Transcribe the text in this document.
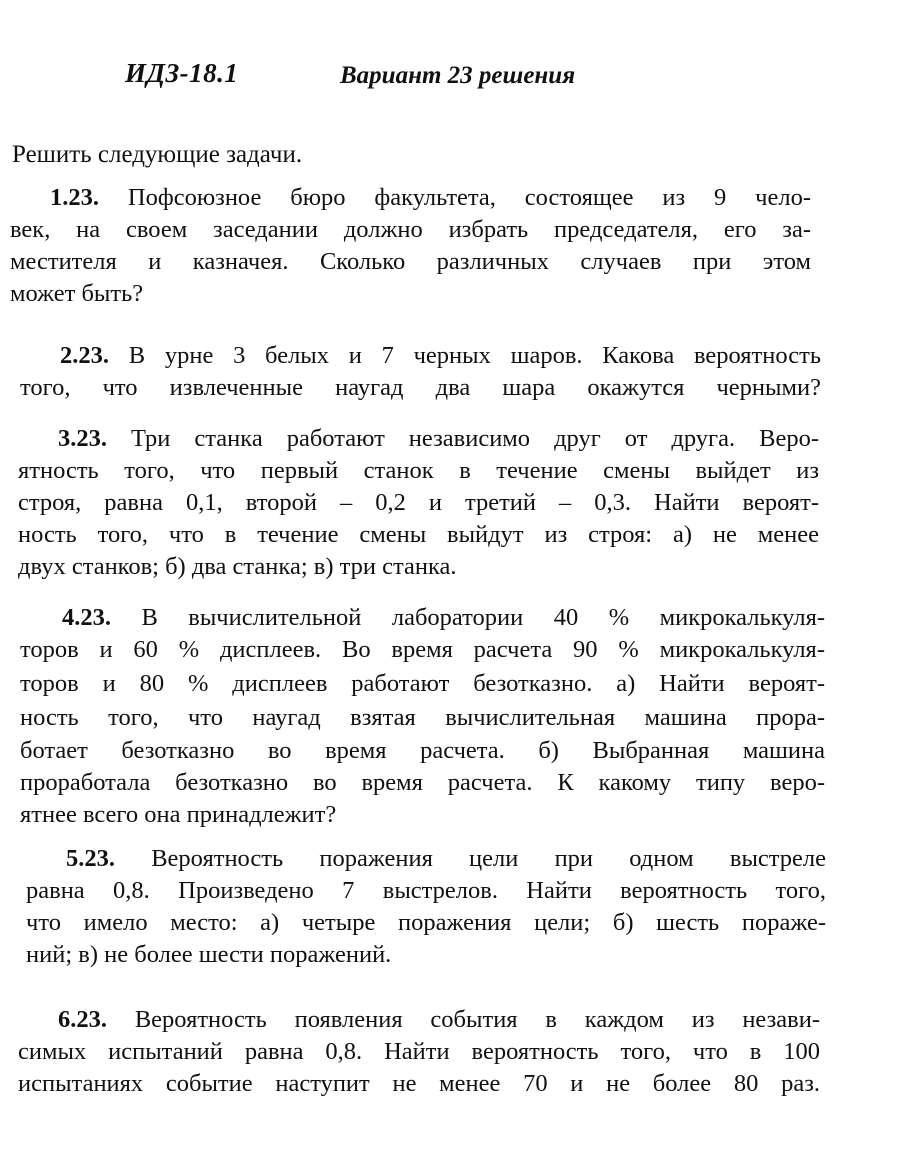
ИДЗ-18.1	Вариант 23 решения
Решить следующие задачи.
1.23. Пофсоюзное бюро факультета, состоящее из 9 чело-
век, на своем заседании должно избрать председателя, его за-
местителя и казначея. Сколько различных случаев при этом
может быть?
2.23. В урне 3 белых и 7 черных шаров. Какова вероятность
того, что извлеченные наугад два шара окажутся черными?
3.23. Три станка работают независимо друг от друга. Веро-
ятность того, что первый станок в течение смены выйдет из
строя, равна 0,1, второй – 0,2 и третий – 0,3. Найти вероят-
ность того, что в течение смены выйдут из строя: а) не менее
двух станков; б) два станка; в) три станка.
4.23. В вычислительной лаборатории 40 % микрокалькуля-
торов и 60 % дисплеев. Во время расчета 90 % микрокалькуля-
торов и 80 % дисплеев работают безотказно. а) Найти вероят-
ность того, что наугад взятая вычислительная машина прора-
ботает безотказно во время расчета. б) Выбранная машина
проработала безотказно во время расчета. К какому типу веро-
ятнее всего она принадлежит?
5.23. Вероятность поражения цели при одном выстреле
равна 0,8. Произведено 7 выстрелов. Найти вероятность того,
что имело место: а) четыре поражения цели; б) шесть пораже-
ний; в) не более шести поражений.
6.23. Вероятность появления события в каждом из незави-
симых испытаний равна 0,8. Найти вероятность того, что в 100
испытаниях событие наступит не менее 70 и не более 80 раз.
